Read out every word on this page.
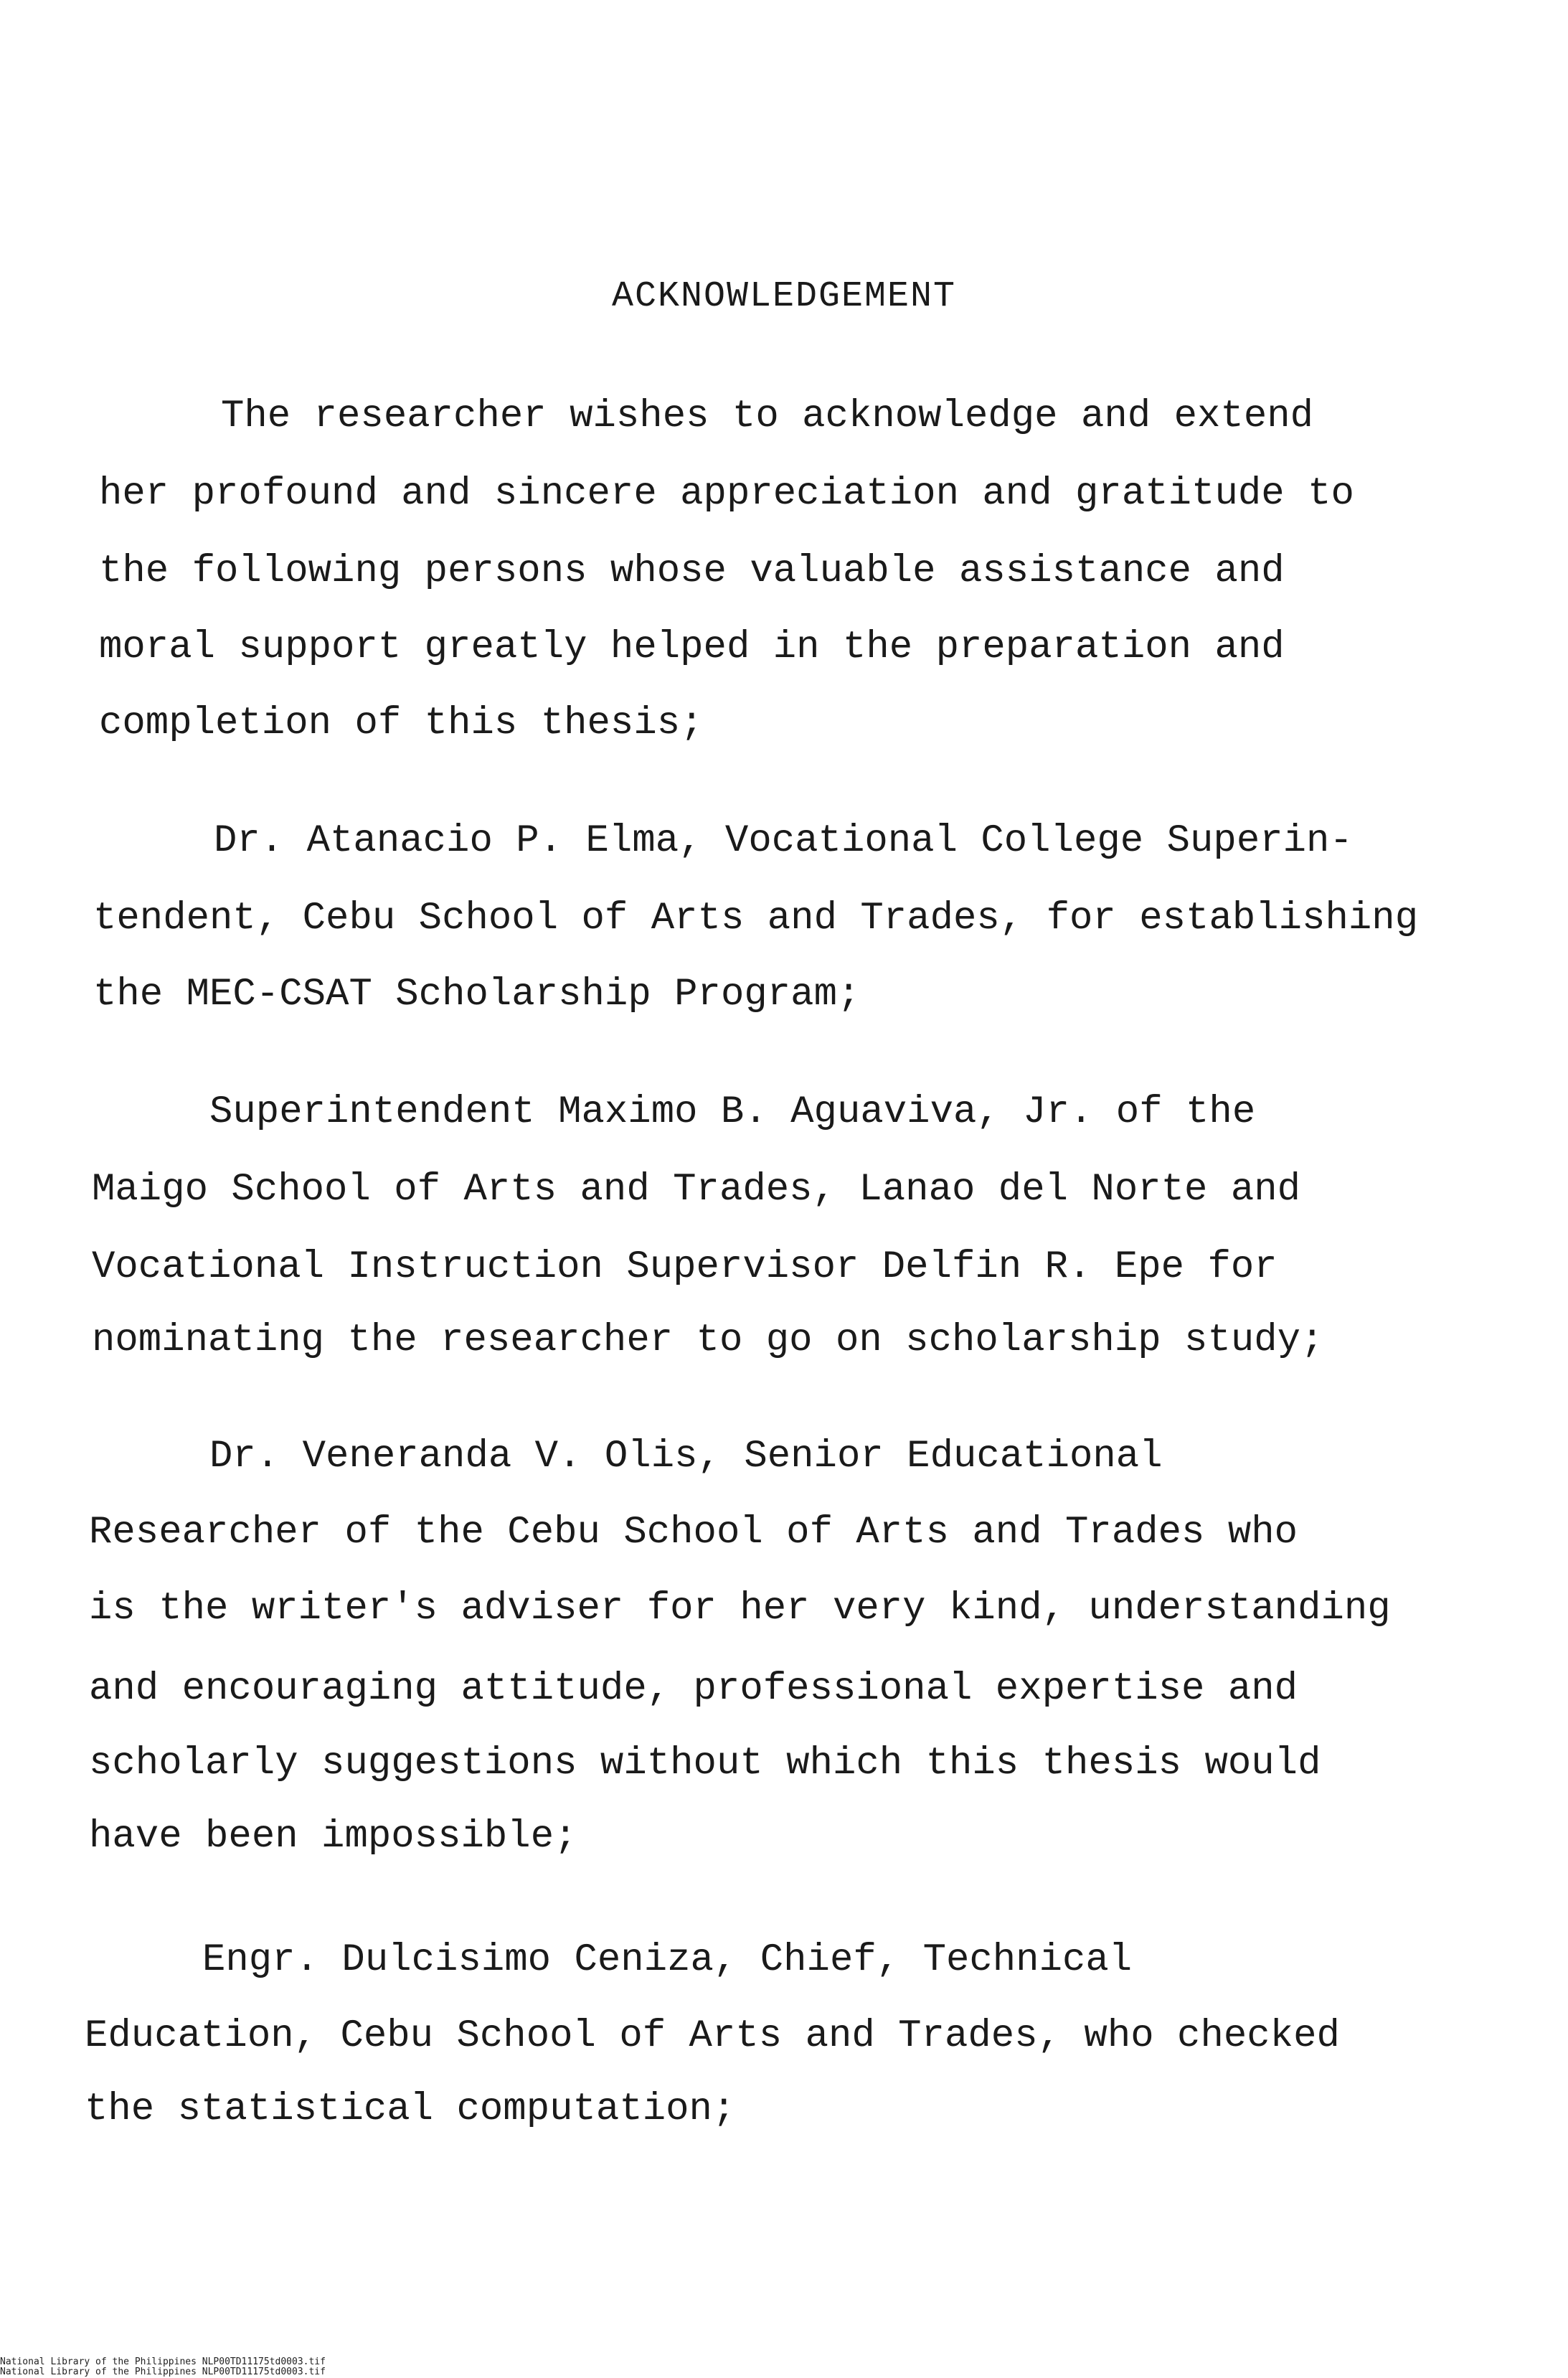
ACKNOWLEDGEMENT
The researcher wishes to acknowledge and extend
her profound and sincere appreciation and gratitude to
the following persons whose valuable assistance and
moral support greatly helped in the preparation and
completion of this thesis;
Dr. Atanacio P. Elma, Vocational College Superin-
tendent, Cebu School of Arts and Trades, for establishing
the MEC-CSAT Scholarship Program;
Superintendent Maximo B. Aguaviva, Jr. of the
Maigo School of Arts and Trades, Lanao del Norte and
Vocational Instruction Supervisor Delfin R. Epe for
nominating the researcher to go on scholarship study;
Dr. Veneranda V. Olis, Senior Educational
Researcher of the Cebu School of Arts and Trades who
is the writer's adviser for her very kind, understanding
and encouraging attitude, professional expertise and
scholarly suggestions without which this thesis would
have been impossible;
Engr. Dulcisimo Ceniza, Chief, Technical
Education, Cebu School of Arts and Trades, who checked
the statistical computation;
National Library of the Philippines NLP00TD11175td0003.tif
National Library of the Philippines NLP00TD11175td0003.tif
